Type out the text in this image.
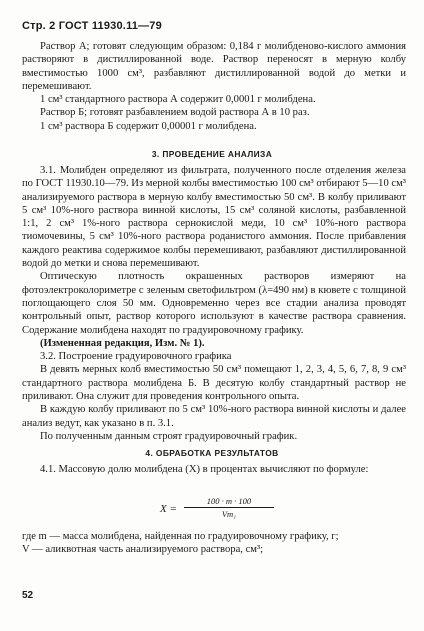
Стр. 2 ГОСТ 11930.11—79

Раствор А; готовят следующим образом: 0,184 г молибденово-кислого аммония растворяют в дистиллированной воде. Раствор переносят в мерную колбу вместимостью 1000 см³, разбавляют дистиллированной водой до метки и перемешивают.

1 см³ стандартного раствора А содержит 0,0001 г молибдена.

Раствор Б; готовят разбавлением водой раствора А в 10 раз.

1 см³ раствора Б содержит 0,00001 г молибдена.

3. ПРОВЕДЕНИЕ АНАЛИЗА

3.1. Молибден определяют из фильтрата, полученного после отделения железа по ГОСТ 11930.10—79. Из мерной колбы вместимостью 100 см³ отбирают 5—10 см³ анализируемого раствора в мерную колбу вместимостью 50 см³. В колбу приливают 5 см³ 10%-ного раствора винной кислоты, 15 см³ соляной кислоты, разбавленной 1:1, 2 см³ 1%-ного раствора сернокислой меди, 10 см³ 10%-ного раствора тиомочевины, 5 см³ 10%-ного раствора роданистого аммония. После прибавления каждого реактива содержимое колбы перемешивают, разбавляют дистиллированной водой до метки и снова перемешивают.

Оптическую плотность окрашенных растворов измеряют на фотоэлектроколориметре с зеленым светофильтром (λ=490 нм) в кювете с толщиной поглощающего слоя 50 мм. Одновременно через все стадии анализа проводят контрольный опыт, раствор которого используют в качестве раствора сравнения. Содержание молибдена находят по градуировочному графику.

(Измененная редакция, Изм. № 1).

3.2. Построение градуировочного графика

В девять мерных колб вместимостью 50 см³ помещают 1, 2, 3, 4, 5, 6, 7, 8, 9 см³ стандартного раствора молибдена Б. В десятую колбу стандартный раствор не приливают. Она служит для проведения контрольного опыта.

В каждую колбу приливают по 5 см³ 10%-ного раствора винной кислоты и далее анализ ведут, как указано в п. 3.1.

По полученным данным строят градуировочный график.

4. ОБРАБОТКА РЕЗУЛЬТАТОВ

4.1. Массовую долю молибдена (X) в процентах вычисляют по формуле:

$X = \frac{100 \cdot m \cdot 100}{\text{Vm₁}}$

где m — масса молибдена, найденная по градуировочному графику, г;

V — аликвотная часть анализируемого раствора, см³;

52
